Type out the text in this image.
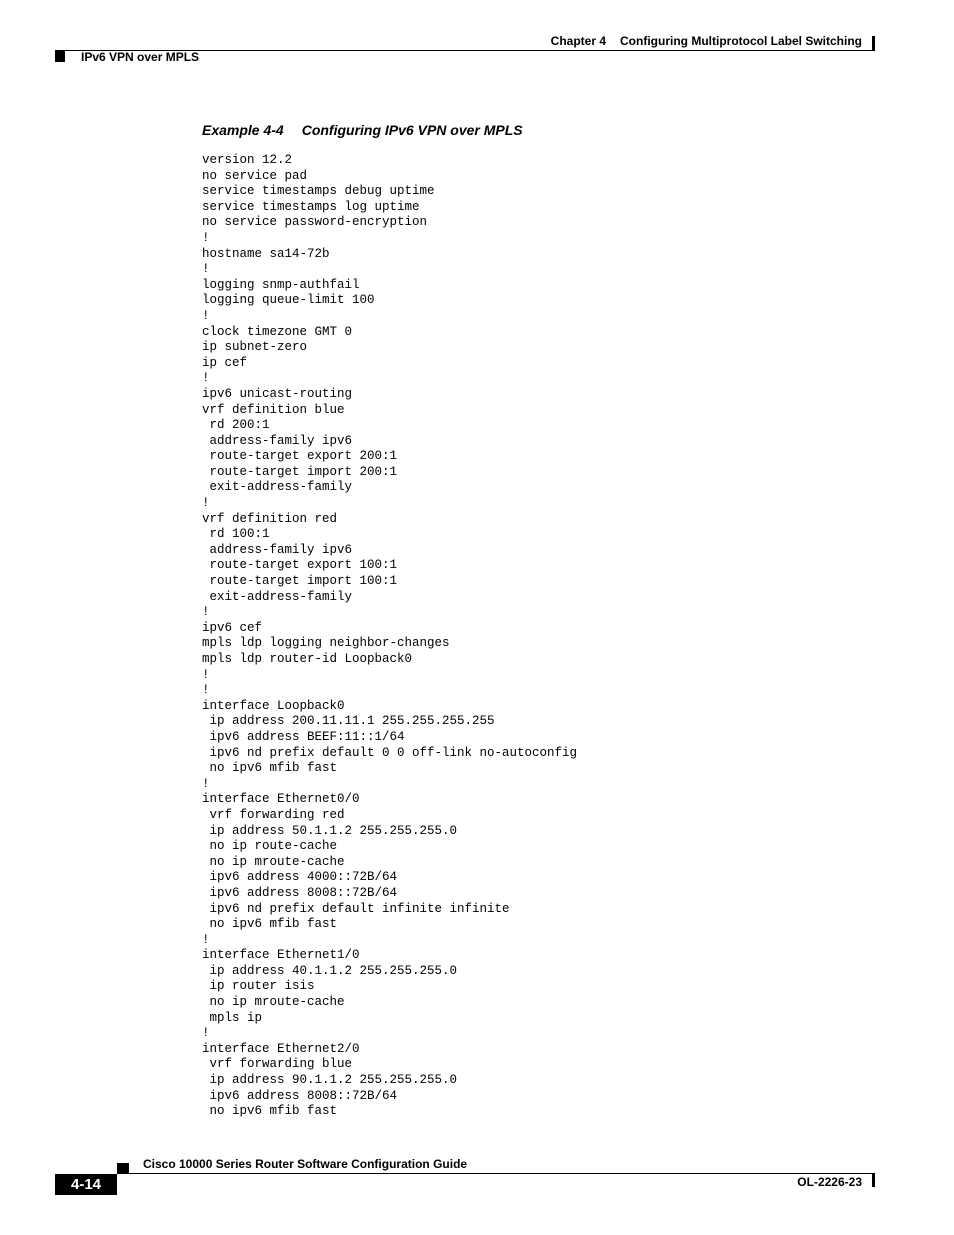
Chapter 4 Configuring Multiprotocol Label Switching
IPv6 VPN over MPLS
Example 4-4 Configuring IPv6 VPN over MPLS
version 12.2
no service pad
service timestamps debug uptime
service timestamps log uptime
no service password-encryption
!
hostname sa14-72b
!
logging snmp-authfail
logging queue-limit 100
!
clock timezone GMT 0
ip subnet-zero
ip cef
!
ipv6 unicast-routing
vrf definition blue
rd 200:1
address-family ipv6
route-target export 200:1
route-target import 200:1
exit-address-family
!
vrf definition red
rd 100:1
address-family ipv6
route-target export 100:1
route-target import 100:1
exit-address-family
!
ipv6 cef
mpls ldp logging neighbor-changes
mpls ldp router-id Loopback0
!
!
interface Loopback0
ip address 200.11.11.1 255.255.255.255
ipv6 address BEEF:11::1/64
ipv6 nd prefix default 0 0 off-link no-autoconfig
no ipv6 mfib fast
!
interface Ethernet0/0
vrf forwarding red
ip address 50.1.1.2 255.255.255.0
no ip route-cache
no ip mroute-cache
ipv6 address 4000::72B/64
ipv6 address 8008::72B/64
ipv6 nd prefix default infinite infinite
no ipv6 mfib fast
!
interface Ethernet1/0
ip address 40.1.1.2 255.255.255.0
ip router isis
no ip mroute-cache
mpls ip
!
interface Ethernet2/0
vrf forwarding blue
ip address 90.1.1.2 255.255.255.0
ipv6 address 8008::72B/64
no ipv6 mfib fast
Cisco 10000 Series Router Software Configuration Guide
4-14	OL-2226-23
